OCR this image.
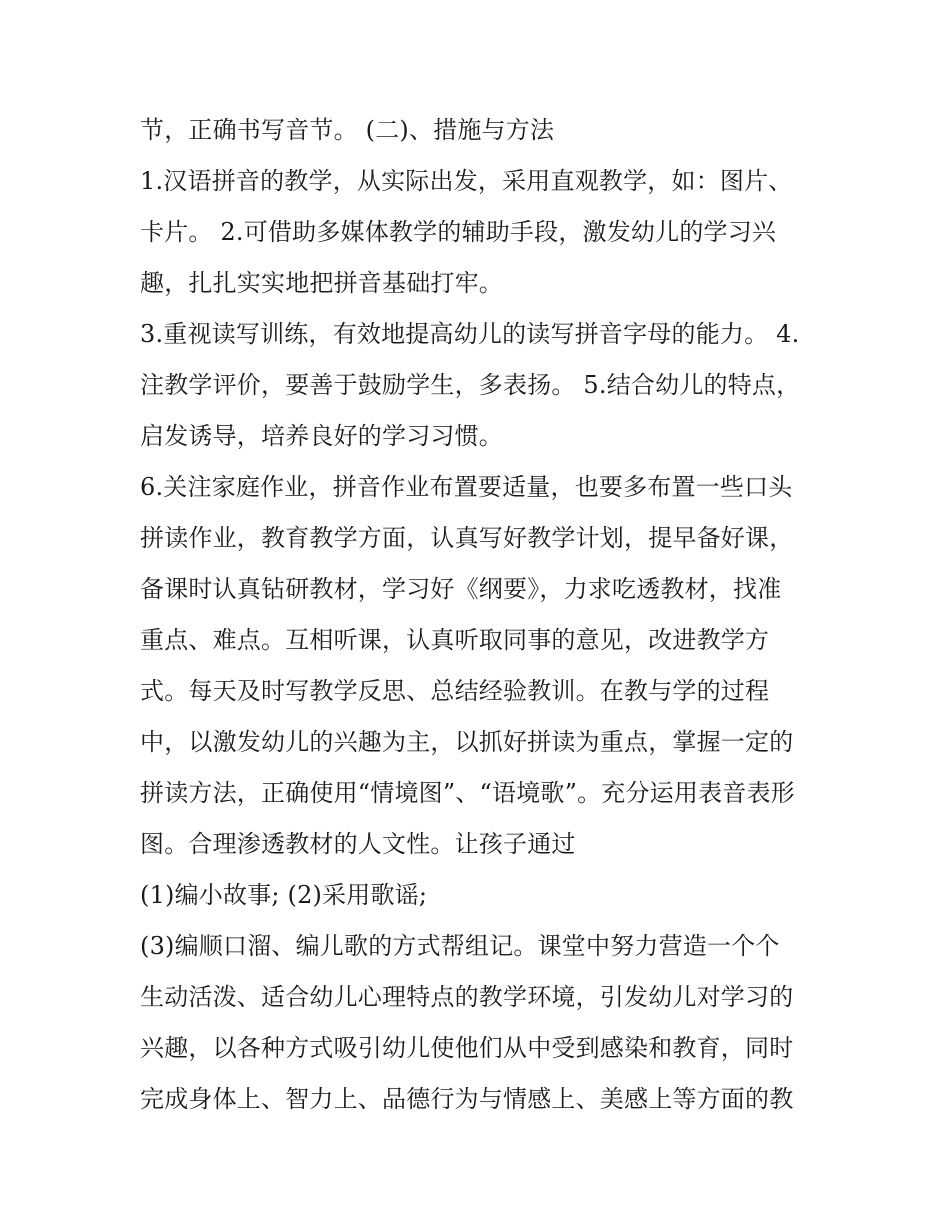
节，正确书写音节。 (二)、措施与方法
1.汉语拼音的教学，从实际出发，采用直观教学，如：图片、
卡片。 2.可借助多媒体教学的辅助手段，激发幼儿的学习兴
趣，扎扎实实地把拼音基础打牢。
3.重视读写训练，有效地提高幼儿的读写拼音字母的能力。 4.
注教学评价，要善于鼓励学生，多表扬。 5.结合幼儿的特点，
启发诱导，培养良好的学习习惯。
6.关注家庭作业，拼音作业布置要适量，也要多布置一些口头
拼读作业，教育教学方面，认真写好教学计划，提早备好课，
备课时认真钻研教材，学习好《纲要》，力求吃透教材，找准
重点、难点。互相听课，认真听取同事的意见，改进教学方
式。每天及时写教学反思、总结经验教训。在教与学的过程
中，以激发幼儿的兴趣为主，以抓好拼读为重点，掌握一定的
拼读方法，正确使用“情境图”、“语境歌”。充分运用表音表形
图。合理渗透教材的人文性。让孩子通过
(1)编小故事; (2)采用歌谣;
(3)编顺口溜、编儿歌的方式帮组记。课堂中努力营造一个个
生动活泼、适合幼儿心理特点的教学环境，引发幼儿对学习的
兴趣，以各种方式吸引幼儿使他们从中受到感染和教育，同时
完成身体上、智力上、品德行为与情感上、美感上等方面的教
